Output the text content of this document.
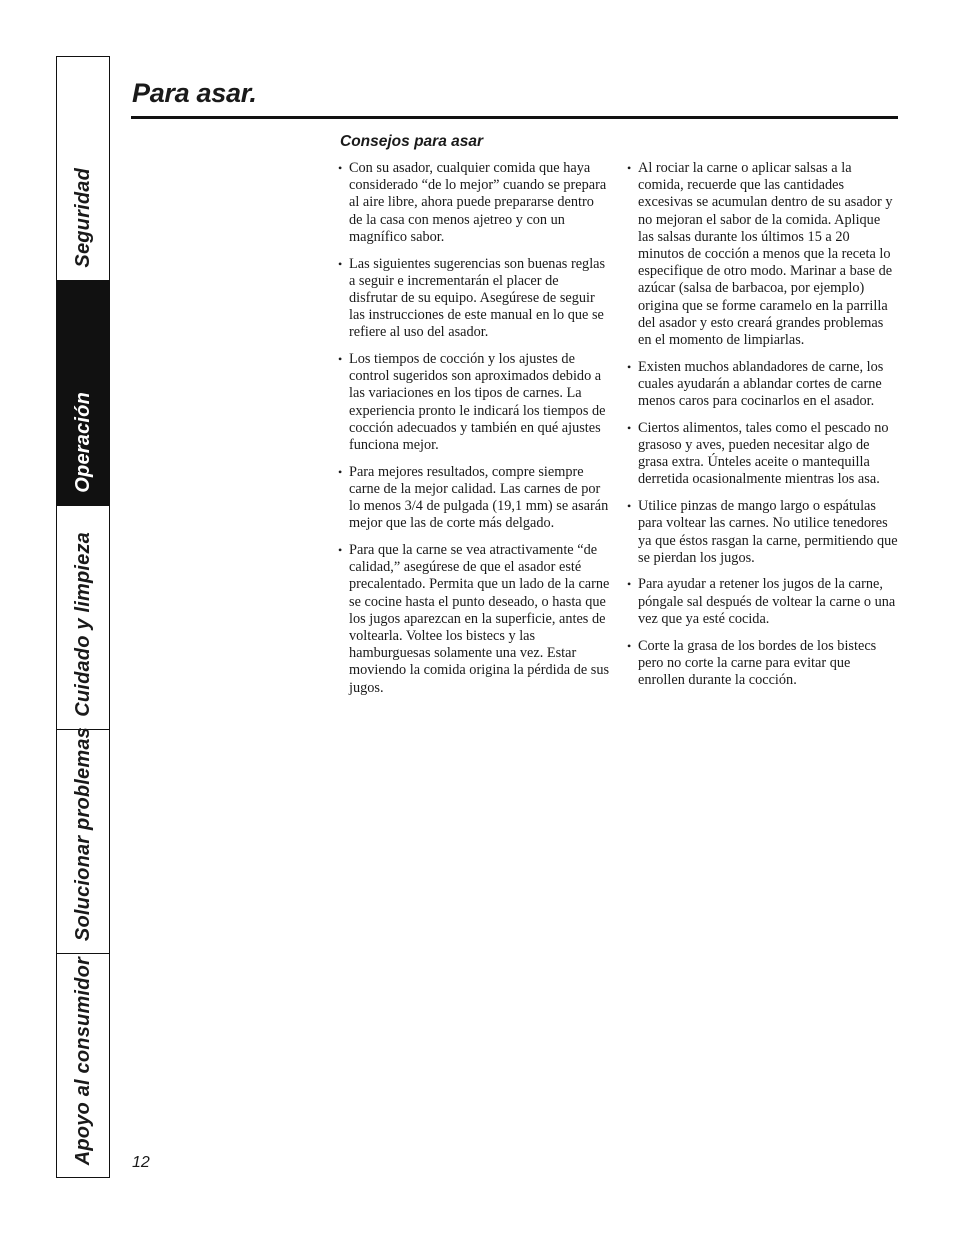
Seguridad
Operación
Cuidado y limpieza
Solucionar problemas
Apoyo al consumidor
Para asar.
Consejos para asar
• Con su asador, cualquier comida que haya considerado “de lo mejor” cuando se prepara al aire libre, ahora puede prepararse dentro de la casa con menos ajetreo y con un magnífico sabor.
• Las siguientes sugerencias son buenas reglas a seguir e incrementarán el placer de disfrutar de su equipo. Asegúrese de seguir las instrucciones de este manual en lo que se refiere al uso del asador.
• Los tiempos de cocción y los ajustes de control sugeridos son aproximados debido a las variaciones en los tipos de carnes. La experiencia pronto le indicará los tiempos de cocción adecuados y también en qué ajustes funciona mejor.
• Para mejores resultados, compre siempre carne de la mejor calidad. Las carnes de por lo menos 3/4 de pulgada (19,1 mm) se asarán mejor que las de corte más delgado.
• Para que la carne se vea atractivamente “de calidad,” asegúrese de que el asador esté precalentado. Permita que un lado de la carne se cocine hasta el punto deseado, o hasta que los jugos aparezcan en la superficie, antes de voltearla. Voltee los bistecs y las hamburguesas solamente una vez. Estar moviendo la comida origina la pérdida de sus jugos.
• Al rociar la carne o aplicar salsas a la comida, recuerde que las cantidades excesivas se acumulan dentro de su asador y no mejoran el sabor de la comida. Aplique las salsas durante los últimos 15 a 20 minutos de cocción a menos que la receta lo especifique de otro modo. Marinar a base de azúcar (salsa de barbacoa, por ejemplo) origina que se forme caramelo en la parrilla del asador y esto creará grandes problemas en el momento de limpiarlas.
• Existen muchos ablandadores de carne, los cuales ayudarán a ablandar cortes de carne menos caros para cocinarlos en el asador.
• Ciertos alimentos, tales como el pescado no grasoso y aves, pueden necesitar algo de grasa extra. Únteles aceite o mantequilla derretida ocasionalmente mientras los asa.
• Utilice pinzas de mango largo o espátulas para voltear las carnes. No utilice tenedores ya que éstos rasgan la carne, permitiendo que se pierdan los jugos.
• Para ayudar a retener los jugos de la carne, póngale sal después de voltear la carne o una vez que ya esté cocida.
• Corte la grasa de los bordes de los bistecs pero no corte la carne para evitar que enrollen durante la cocción.
12
